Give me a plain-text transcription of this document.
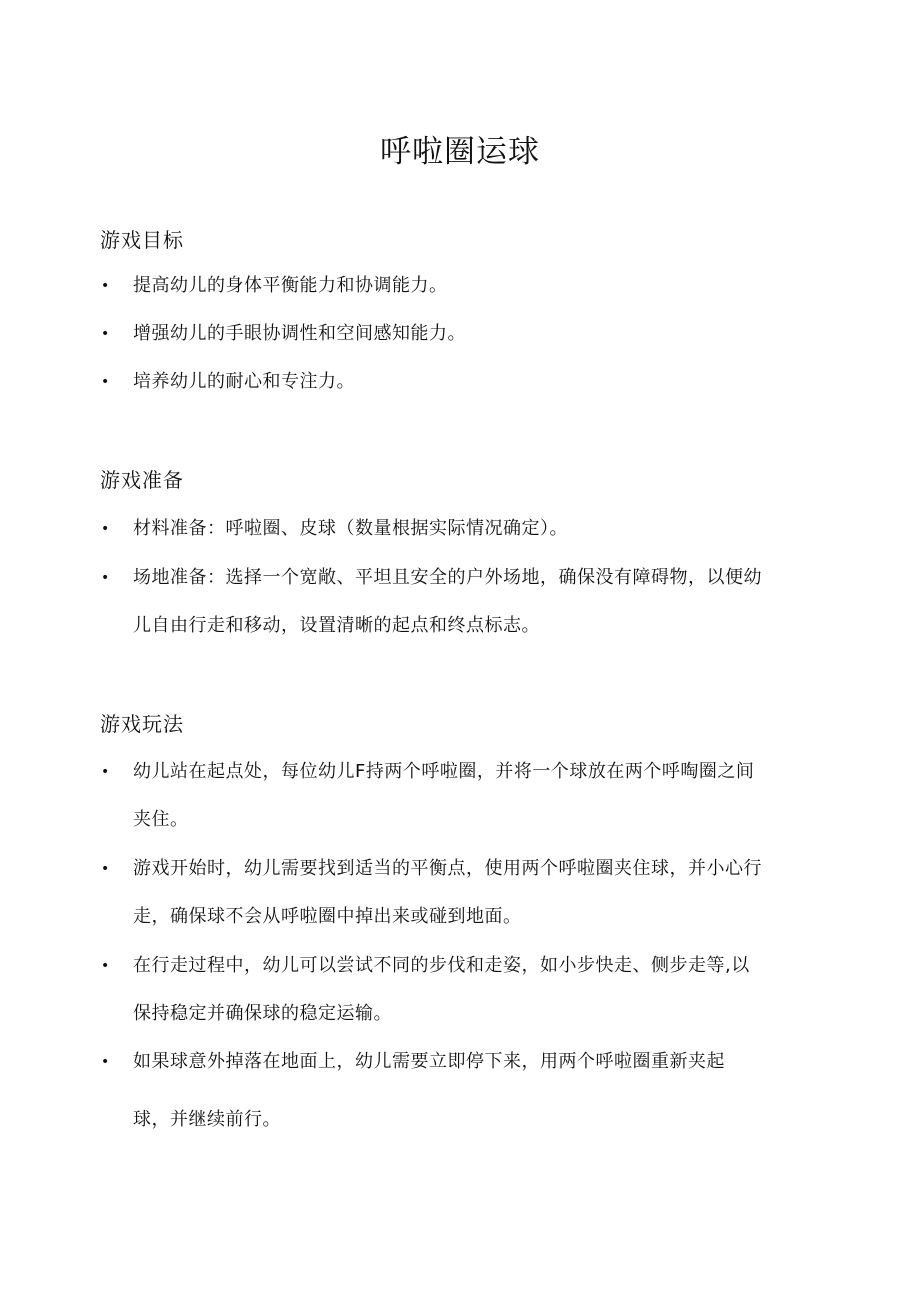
呼啦圈运球
游戏目标

• 提高幼儿的身体平衡能力和协调能力。

• 增强幼儿的手眼协调性和空间感知能力。

• 培养幼儿的耐心和专注力。

游戏准备

• 材料准备：呼啦圈、皮球（数量根据实际情况确定）。

• 场地准备：选择一个宽敞、平坦且安全的户外场地，确保没有障碍物，以便幼
儿自由行走和移动，设置清晰的起点和终点标志。

游戏玩法

• 幼儿站在起点处，每位幼儿F持两个呼啦圈，并将一个球放在两个呼啕圈之间
夹住。

• 游戏开始时，幼儿需要找到适当的平衡点，使用两个呼啦圈夹住球，并小心行
走，确保球不会从呼啦圈中掉出来或碰到地面。

• 在行走过程中，幼儿可以尝试不同的步伐和走姿，如小步快走、侧步走等,以
保持稳定并确保球的稳定运输。

• 如果球意外掉落在地面上，幼儿需要立即停下来，用两个呼啦圈重新夹起
球，并继续前行。
